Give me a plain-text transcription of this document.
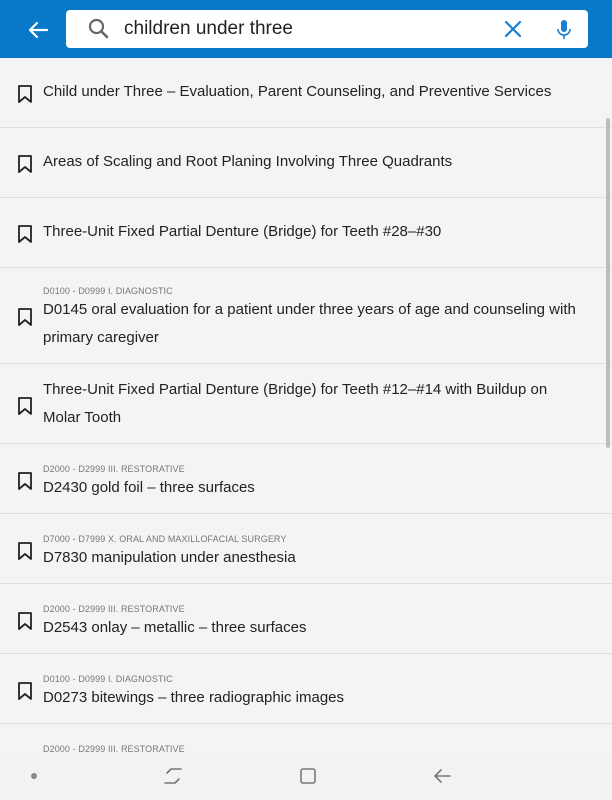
children under three
Child under Three – Evaluation, Parent Counseling, and Preventive Services
Areas of Scaling and Root Planing Involving Three Quadrants
Three-Unit Fixed Partial Denture (Bridge) for Teeth #28–#30
D0100 - D0999 I. DIAGNOSTIC
D0145 oral evaluation for a patient under three years of age and counseling with primary caregiver
Three-Unit Fixed Partial Denture (Bridge) for Teeth #12–#14 with Buildup on Molar Tooth
D2000 - D2999 III. RESTORATIVE
D2430 gold foil – three surfaces
D7000 - D7999 X. ORAL AND MAXILLOFACIAL SURGERY
D7830 manipulation under anesthesia
D2000 - D2999 III. RESTORATIVE
D2543 onlay – metallic – three surfaces
D0100 - D0999 I. DIAGNOSTIC
D0273 bitewings – three radiographic images
D2000 - D2999 III. RESTORATIVE
